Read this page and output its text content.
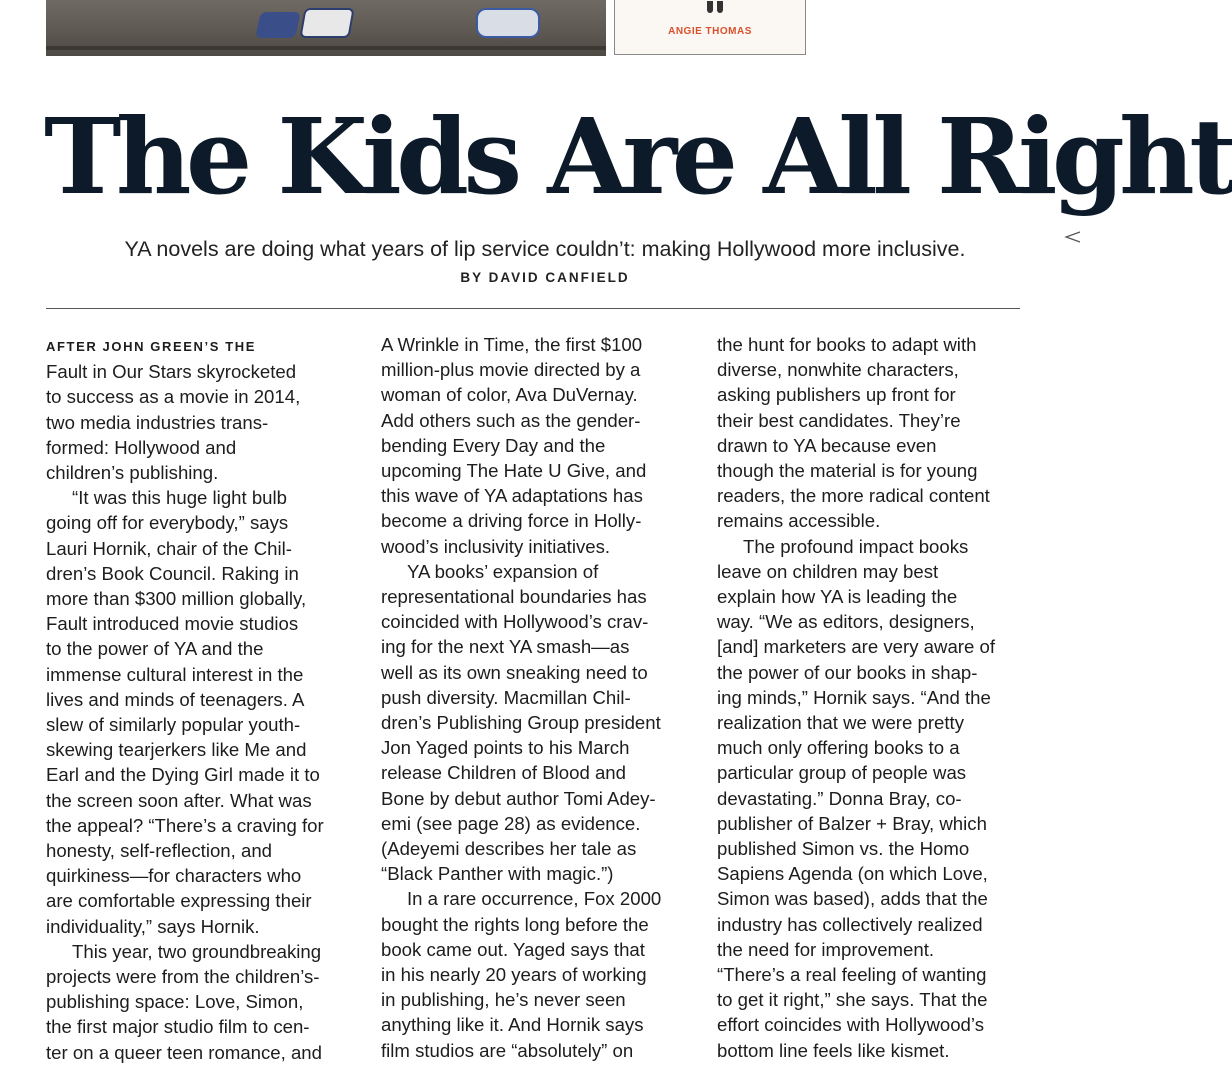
ANGIE THOMAS
The Kids Are All Right
YA novels are doing what years of lip service couldn’t: making Hollywood more inclusive.
BY DAVID CANFIELD
AFTER JOHN GREEN’S THE
Fault in Our Stars skyrocketed
to success as a movie in 2014,
two media industries trans-
formed: Hollywood and
children’s publishing.
“It was this huge light bulb
going off for everybody,” says
Lauri Hornik, chair of the Chil-
dren’s Book Council. Raking in
more than $300 million globally,
Fault introduced movie studios
to the power of YA and the
immense cultural interest in the
lives and minds of teenagers. A
slew of similarly popular youth-
skewing tearjerkers like Me and
Earl and the Dying Girl made it to
the screen soon after. What was
the appeal? “There’s a craving for
honesty, self-reflection, and
quirkiness—for characters who
are comfortable expressing their
individuality,” says Hornik.
This year, two groundbreaking
projects were from the children’s-
publishing space: Love, Simon,
the first major studio film to cen-
ter on a queer teen romance, and
A Wrinkle in Time, the first $100
million-plus movie directed by a
woman of color, Ava DuVernay.
Add others such as the gender-
bending Every Day and the
upcoming The Hate U Give, and
this wave of YA adaptations has
become a driving force in Holly-
wood’s inclusivity initiatives.
YA books’ expansion of
representational boundaries has
coincided with Hollywood’s crav-
ing for the next YA smash—as
well as its own sneaking need to
push diversity. Macmillan Chil-
dren’s Publishing Group president
Jon Yaged points to his March
release Children of Blood and
Bone by debut author Tomi Adey-
emi (see page 28) as evidence.
(Adeyemi describes her tale as
“Black Panther with magic.”)
In a rare occurrence, Fox 2000
bought the rights long before the
book came out. Yaged says that
in his nearly 20 years of working
in publishing, he’s never seen
anything like it. And Hornik says
film studios are “absolutely” on
the hunt for books to adapt with
diverse, nonwhite characters,
asking publishers up front for
their best candidates. They’re
drawn to YA because even
though the material is for young
readers, the more radical content
remains accessible.
The profound impact books
leave on children may best
explain how YA is leading the
way. “We as editors, designers,
[and] marketers are very aware of
the power of our books in shap-
ing minds,” Hornik says. “And the
realization that we were pretty
much only offering books to a
particular group of people was
devastating.” Donna Bray, co-
publisher of Balzer + Bray, which
published Simon vs. the Homo
Sapiens Agenda (on which Love,
Simon was based), adds that the
industry has collectively realized
the need for improvement.
“There’s a real feeling of wanting
to get it right,” she says. That the
effort coincides with Hollywood’s
bottom line feels like kismet.
